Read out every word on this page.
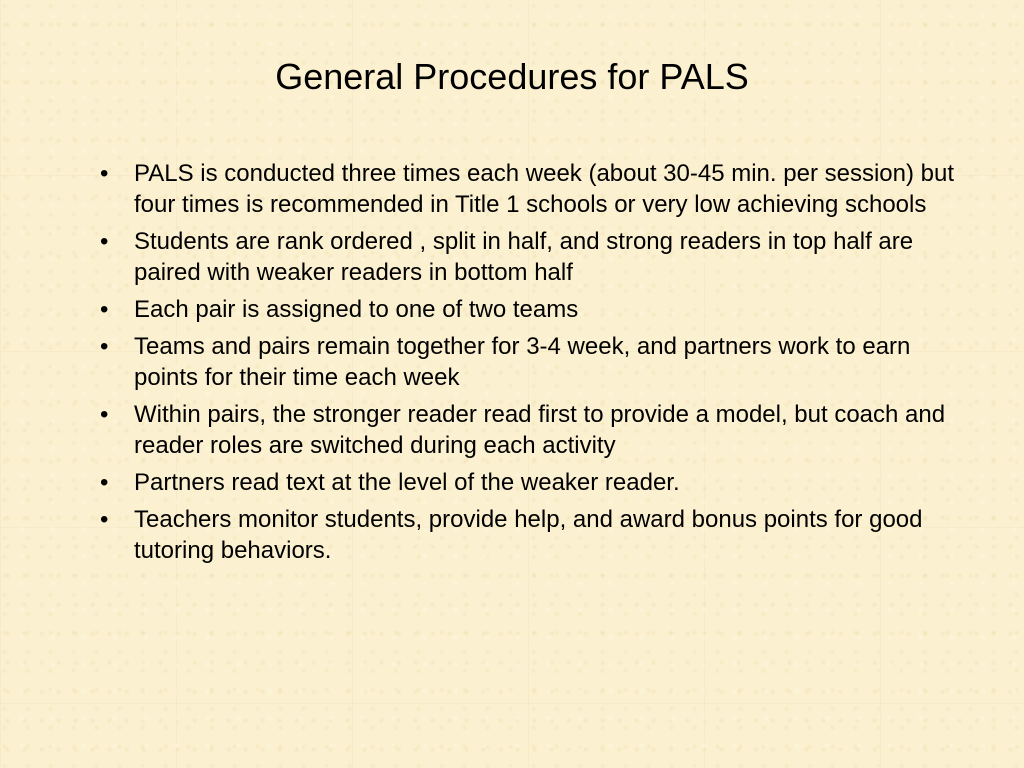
General Procedures for PALS
•	PALS is conducted three times each week (about 30-45 min. per session) but four times is recommended in Title 1 schools or very low achieving schools
•	Students are rank ordered , split in half, and strong readers in top half are paired with weaker readers in bottom half
•	Each pair is assigned to one of two teams
•	Teams and pairs remain together for 3-4 week, and partners work to earn points for their time each week
•	Within pairs, the stronger reader read first to provide a model, but coach and reader roles are switched during each activity
•	Partners read text at the level of the weaker reader.
•	Teachers monitor students, provide help, and award bonus points for good tutoring behaviors.
